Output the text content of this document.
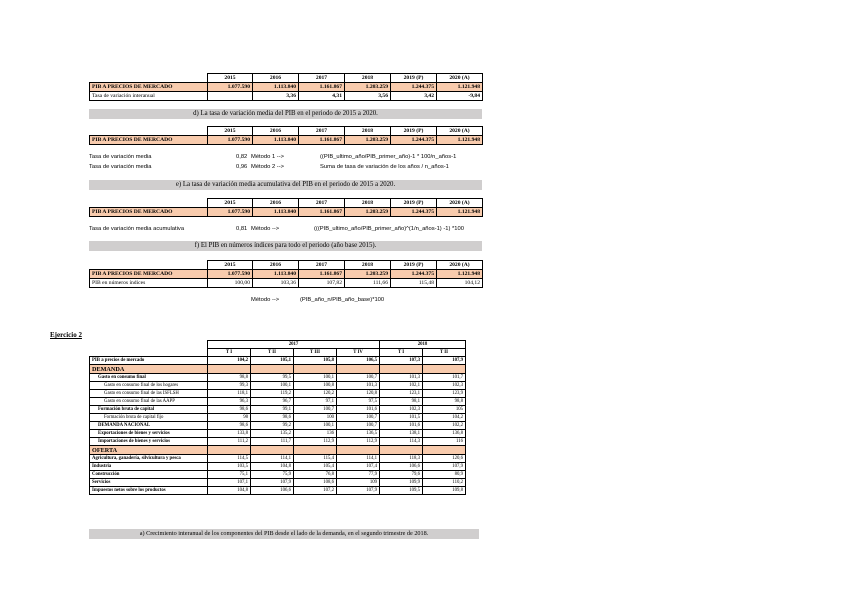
	2015	2016	2017	2018	2019 (P)	2020 (A)
PIB A PRECIOS DE MERCADO	1.077.590	1.113.840	1.161.867	1.203.259	1.244.375	1.121.948
Tasa de variación interanual		3,36	4,31	3,56	3,42	-9,84
d) La tasa de variación media del PIB en el periodo de 2015 a 2020.
	2015	2016	2017	2018	2019 (P)	2020 (A)
PIB A PRECIOS DE MERCADO	1.077.590	1.113.840	1.161.867	1.203.259	1.244.375	1.121.948
Tasa de variación media	0,82 Método 1 -->	((PIB_ultimo_año/PIB_primer_año)-1 * 100/n_años-1
Tasa de variación media	0,96 Método 2 -->	Suma de tasa de variación de los años / n_años-1
e) La tasa de variación media acumulativa del PIB en el periodo de 2015 a 2020.
	2015	2016	2017	2018	2019 (P)	2020 (A)
PIB A PRECIOS DE MERCADO	1.077.590	1.113.840	1.161.867	1.203.259	1.244.375	1.121.948
Tasa de variación media acumulativa	0,81 Método -->	(((PIB_ultimo_año/PIB_primer_año)^(1/n_años-1) -1) *100
f) El PIB en números índices para todo el periodo (año base 2015).
	2015	2016	2017	2018	2019 (P)	2020 (A)
PIB A PRECIOS DE MERCADO	1.077.590	1.113.840	1.161.867	1.203.259	1.244.375	1.121.948
PIB en números índices	100,00	103,36	107,82	111,66	115,48	104,12
Método -->	(PIB_año_n/PIB_año_base)*100
Ejercicio 2
	2017				2018	
	T I	T II	T III	T IV	T I	T II
PIB a precios de mercado	104,2	105,1	105,8	106,5	107,3	107,9
DEMANDA						
Gasto en consumo final	98,8	99,5	100,1	100,7	101,3	101,7
Gasto en consumo final de los hogares	99,3	100,1	100,8	101,3	102,1	102,3
Gasto en consumo final de las ISFLSH	118,1	119,2	120,2	120,8	123,1	123,9
Gasto en consumo final de las AAPP	96,3	96,7	97,1	97,5	98,1	98,8
Formación bruta de capital	98,6	99,1	100,7	101,6	102,3	105
Formación bruta de capital fijo	98	98,6	100	100,7	101,5	104,2
DEMANDA NACIONAL	98,6	99,2	100,1	100,7	101,6	102,2
Exportaciones de bienes y servicios	133,8	135,2	136	136,5	138,1	136,8
Importaciones de bienes y servicios	111,2	111,7	112,9	112,9	114,3	116
OFERTA						
Agricultura, ganadería, silvicultura y pesca	114,5	114,1	115,4	114,1	118,3	120,6
Industria	103,5	104,8	105,4	107,4	106,6	107,9
Construcción	75,1	75,9	76,8	77,9	79,6	80,9
Servicios	107,1	107,9	108,6	109	109,9	110,2
Impuestos netos sobre los productos	104,8	106,6	107,2	107,9	109,5	109,8
a) Crecimiento interanual de los componentes del PIB desde el lado de la demanda, en el segundo trimestre de 2018.
